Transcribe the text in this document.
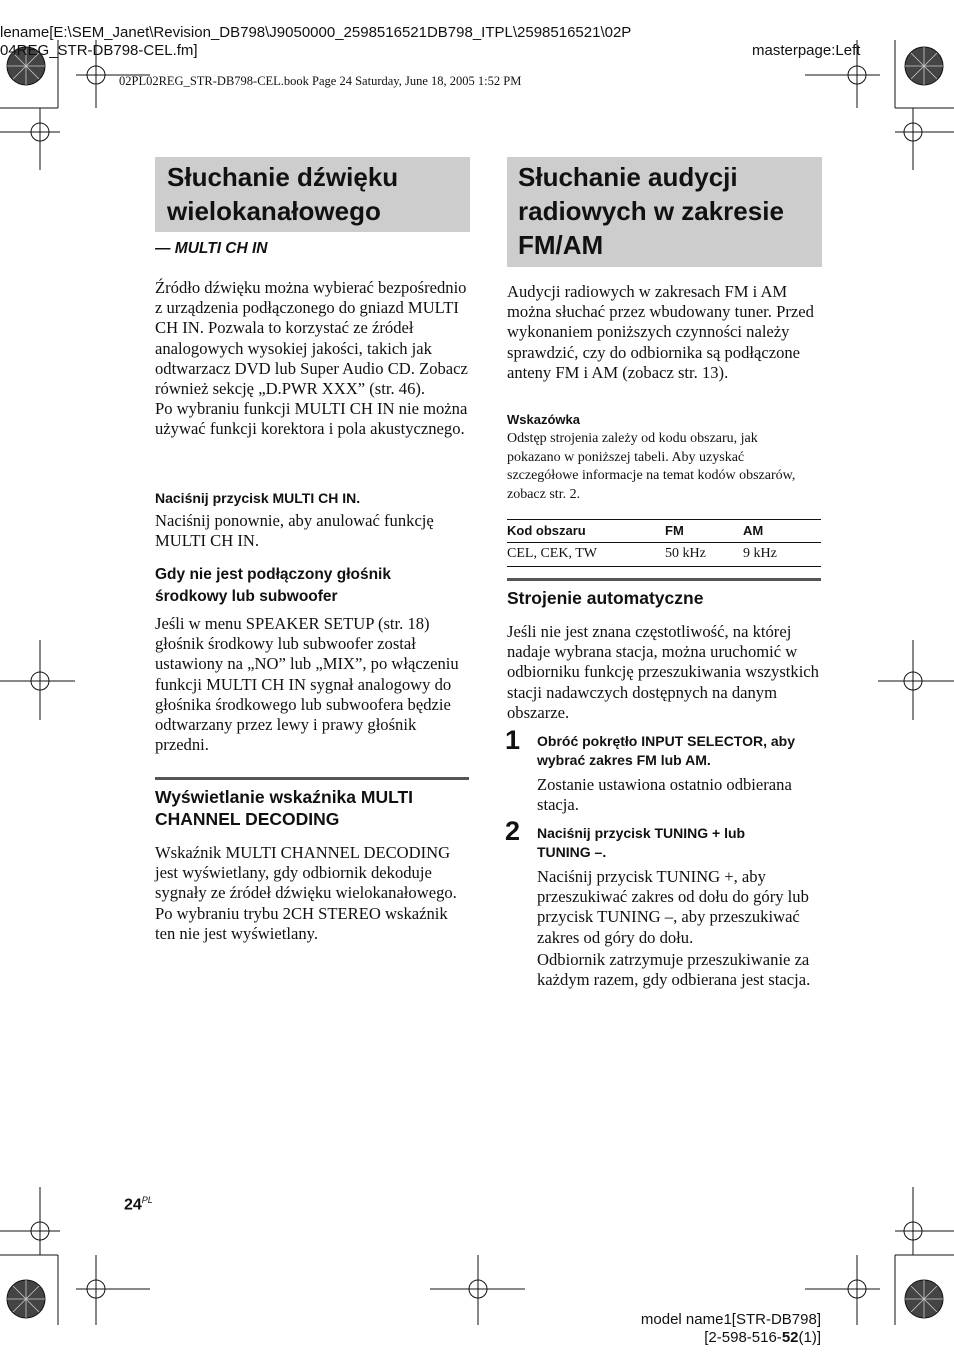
lename[E:\SEM_Janet\Revision_DB798\J9050000_2598516521DB798_ITPL\2598516521\02P
04REG_STR-DB798-CEL.fm]	masterpage:Left
02PL02REG_STR-DB798-CEL.book Page 24 Saturday, June 18, 2005 1:52 PM
Słuchanie dźwięku wielokanałowego
— MULTI CH IN

Źródło dźwięku można wybierać bezpośrednio z urządzenia podłączonego do gniazd MULTI CH IN. Pozwala to korzystać ze źródeł analogowych wysokiej jakości, takich jak odtwarzacz DVD lub Super Audio CD. Zobacz również sekcję „D.PWR XXX” (str. 46).

Po wybraniu funkcji MULTI CH IN nie można używać funkcji korektora i pola akustycznego.

Naciśnij przycisk MULTI CH IN.
Naciśnij ponownie, aby anulować funkcję MULTI CH IN.
Gdy nie jest podłączony głośnik środkowy lub subwoofer
Jeśli w menu SPEAKER SETUP (str. 18) głośnik środkowy lub subwoofer został ustawiony na „NO” lub „MIX”, po włączeniu funkcji MULTI CH IN sygnał analogowy do głośnika środkowego lub subwoofera będzie odtwarzany przez lewy i prawy głośnik przedni.
Wyświetlanie wskaźnika MULTI CHANNEL DECODING

Wskaźnik MULTI CHANNEL DECODING jest wyświetlany, gdy odbiornik dekoduje sygnały ze źródeł dźwięku wielokanałowego.

Po wybraniu trybu 2CH STEREO wskaźnik ten nie jest wyświetlany.

Słuchanie audycji radiowych w zakresie FM/AM
Audycji radiowych w zakresach FM i AM można słuchać przez wbudowany tuner. Przed wykonaniem poniższych czynności należy sprawdzić, czy do odbiornika są podłączone anteny FM i AM (zobacz str. 13).
Wskazówka
Odstęp strojenia zależy od kodu obszaru, jak pokazano w poniższej tabeli. Aby uzyskać szczegółowe informacje na temat kodów obszarów, zobacz str. 2.
Kod obszaru	FM	AM
CEL, CEK, TW	50 kHz	9 kHz
Strojenie automatyczne
Jeśli nie jest znana częstotliwość, na której nadaje wybrana stacja, można uruchomić w odbiorniku funkcję przeszukiwania wszystkich stacji nadawczych dostępnych na danym obszarze.
1 Obróć pokrętło INPUT SELECTOR, aby wybrać zakres FM lub AM.
Zostanie ustawiona ostatnio odbierana stacja.
2 Naciśnij przycisk TUNING + lub TUNING –.

Naciśnij przycisk TUNING +, aby przeszukiwać zakres od dołu do góry lub przycisk TUNING –, aby przeszukiwać zakres od góry do dołu.

Odbiornik zatrzymuje przeszukiwanie za każdym razem, gdy odbierana jest stacja.

$24^{PL}$
model name1[STR-DB798]
[2-598-516-52(1)]
